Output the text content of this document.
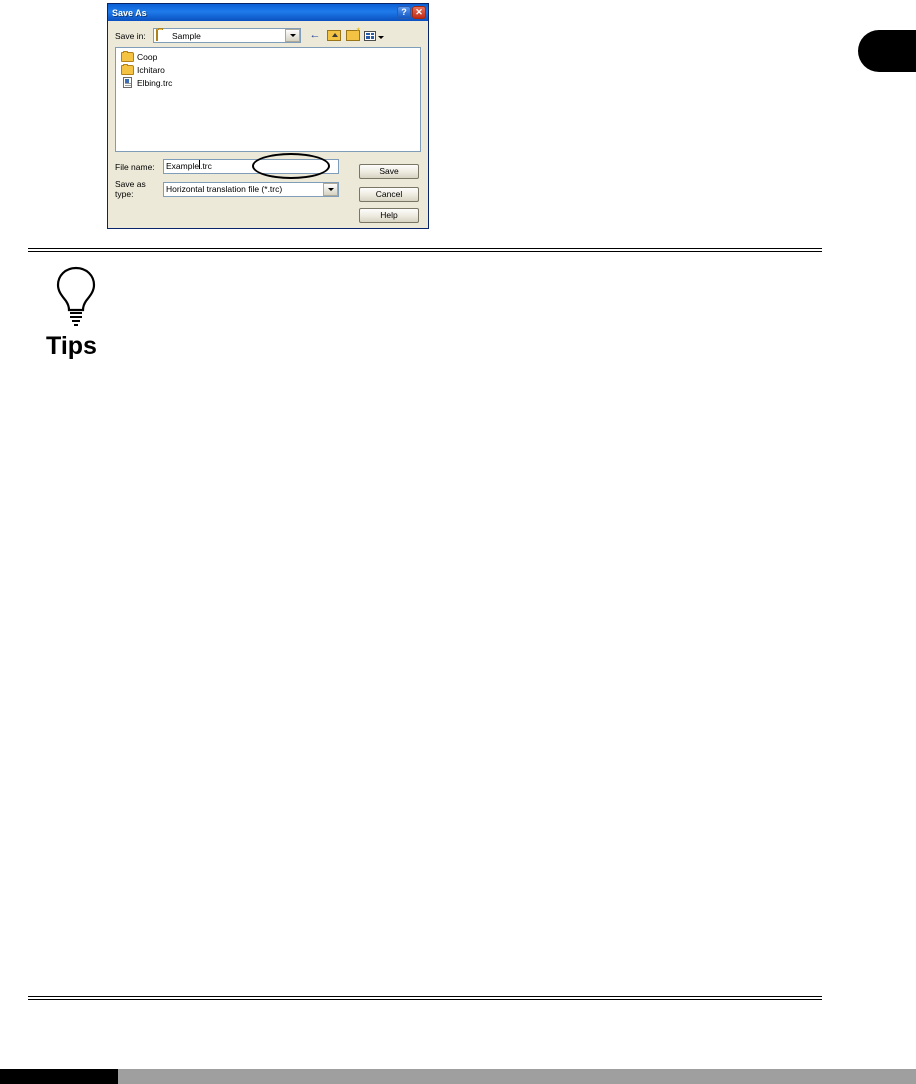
Save As	? ✕
Save in:	Sample	←
*
Coop
Ichitaro
Elbing.trc
File name:	Example.trc
Save as type:	Horizontal translation file (*.trc)
Save
Cancel
Help
Tips
